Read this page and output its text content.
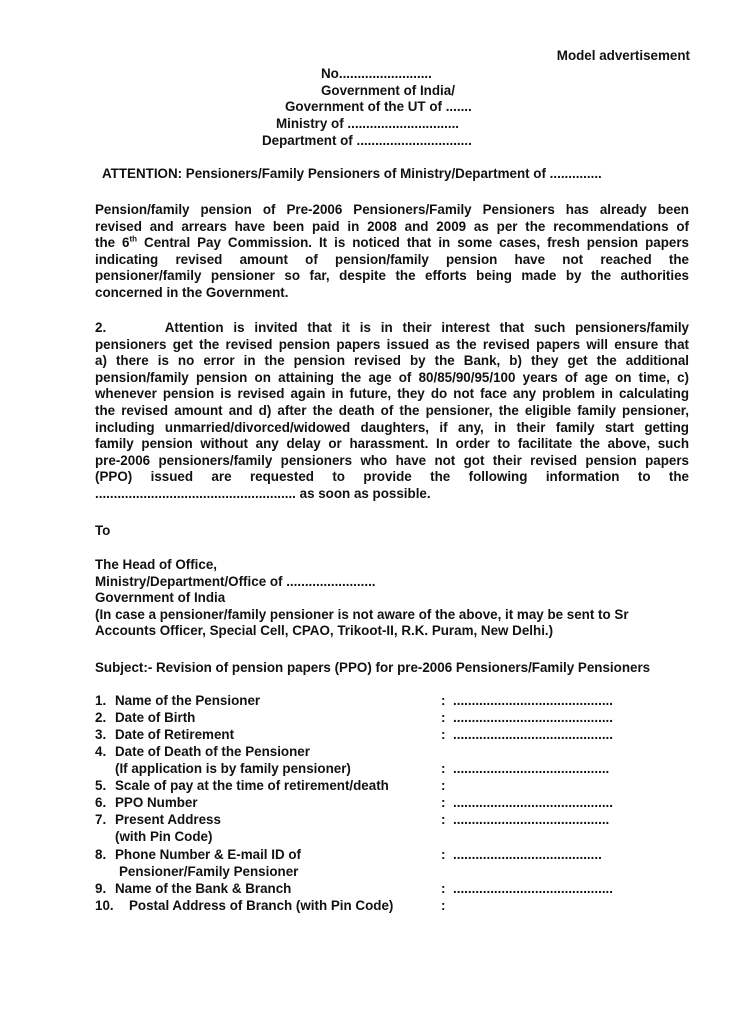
Model advertisement
No.........................
Government of India/
Government of the UT of .......
Ministry of ..............................
Department of ...............................
ATTENTION: Pensioners/Family Pensioners of Ministry/Department of ..............
Pension/family pension of Pre-2006 Pensioners/Family Pensioners has already been
revised and arrears have been paid in 2008 and 2009 as per the recommendations of
the 6th Central Pay Commission. It is noticed that in some cases, fresh pension papers
indicating revised amount of pension/family pension have not reached the
pensioner/family pensioner so far, despite the efforts being made by the authorities
concerned in the Government.
2.      Attention is invited that it is in their interest that such pensioners/family
pensioners get the revised pension papers issued as the revised papers will ensure that
a) there is no error in the pension revised by the Bank, b) they get the additional
pension/family pension on attaining the age of 80/85/90/95/100 years of age on time, c)
whenever pension is revised again in future, they do not face any problem in calculating
the revised amount and d) after the death of the pensioner, the eligible family pensioner,
including unmarried/divorced/widowed daughters, if any, in their family start getting
family pension without any delay or harassment. In order to facilitate the above, such
pre-2006 pensioners/family pensioners who have not got their revised pension papers
(PPO) issued are requested to provide the following information to the
...................................................... as soon as possible.
To
The Head of Office,
Ministry/Department/Office of ........................
Government of India
(In case a pensioner/family pensioner is not aware of the above, it may be sent to Sr
Accounts Officer, Special Cell, CPAO, Trikoot-II, R.K. Puram, New Delhi.)
Subject:- Revision of pension papers (PPO) for pre-2006 Pensioners/Family Pensioners
1. Name of the Pensioner	: ...........................................
2. Date of Birth	: ...........................................
3. Date of Retirement	: ...........................................
4. Date of Death of the Pensioner
(If application is by family pensioner)	: ..........................................
5. Scale of pay at the time of retirement/death	:
6. PPO Number	: ...........................................
7. Present Address	: ..........................................
(with Pin Code)
8. Phone Number & E-mail ID of	: ........................................
Pensioner/Family Pensioner
9. Name of the Bank & Branch	: ...........................................
10. Postal Address of Branch (with Pin Code)	:
